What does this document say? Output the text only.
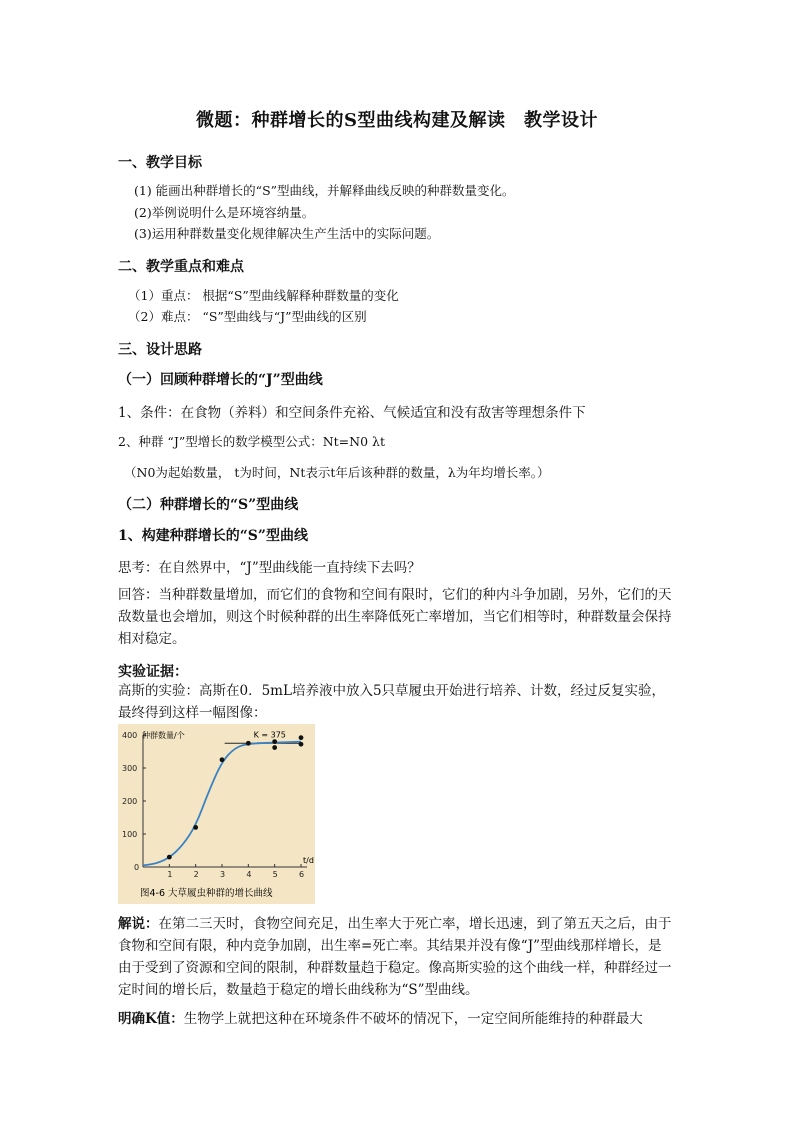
微题：种群增长的S型曲线构建及解读　教学设计
一、教学目标
(1) 能画出种群增长的“S”型曲线，并解释曲线反映的种群数量变化。
(2)举例说明什么是环境容纳量。
(3)运用种群数量变化规律解决生产生活中的实际问题。
二、教学重点和难点
（1）重点： 根据“S”型曲线解释种群数量的变化
（2）难点： “S”型曲线与“J”型曲线的区别
三、设计思路
（一）回顾种群增长的“J”型曲线
1、条件：在食物（养料）和空间条件充裕、气候适宜和没有敌害等理想条件下
2、种群 “J”型增长的数学模型公式：Nt=N0 λt
（N0为起始数量， t为时间，Nt表示t年后该种群的数量，λ为年均增长率。）
（二）种群增长的“S”型曲线
1、构建种群增长的“S”型曲线
思考：在自然界中，“J”型曲线能一直持续下去吗？
回答：当种群数量增加，而它们的食物和空间有限时，它们的种内斗争加剧，另外，它们的天敌数量也会增加，则这个时候种群的出生率降低死亡率增加，当它们相等时，种群数量会保持相对稳定。
实验证据：
高斯的实验：高斯在0．5mL培养液中放入5只草履虫开始进行培养、计数，经过反复实验，最终得到这样一幅图像：
1	2	3	4	5	6
0
100
200
300
400 种群数量/个	K = 375
t/d
图4-6 大草履虫种群的增长曲线
解说：在第二三天时，食物空间充足，出生率大于死亡率，增长迅速，到了第五天之后，由于食物和空间有限，种内竞争加剧，出生率=死亡率。其结果并没有像“J”型曲线那样增长，是由于受到了资源和空间的限制，种群数量趋于稳定。像高斯实验的这个曲线一样，种群经过一定时间的增长后，数量趋于稳定的增长曲线称为“S”型曲线。
明确K值：生物学上就把这种在环境条件不破坏的情况下，一定空间所能维持的种群最大
